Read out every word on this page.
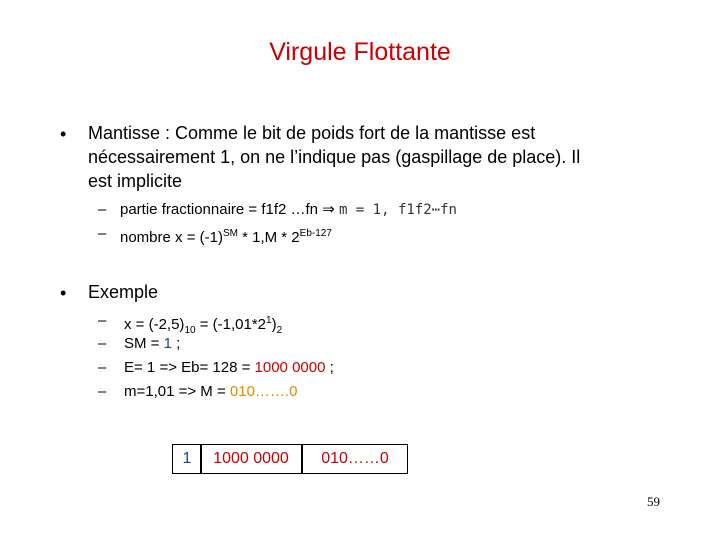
Virgule Flottante
• Mantisse : Comme le bit de poids fort de la mantisse est
nécessairement 1, on ne l’indique pas (gaspillage de place). Il
est implicite
– partie fractionnaire = f1f2 …fn ⇒ m = 1, f1f2⋯fn
– nombre $x = (-1)℠ * 1,M * 2^{Eb-127}$
• Exemple
– $x = (-2,5)_{10} = (-1,01*2^1)_2$
– SM = 1 ;
– E= 1 => Eb= 128 = 1000 0000 ;
– m=1,01 => M = 010…….0
1 1000 0000 010……0
59
